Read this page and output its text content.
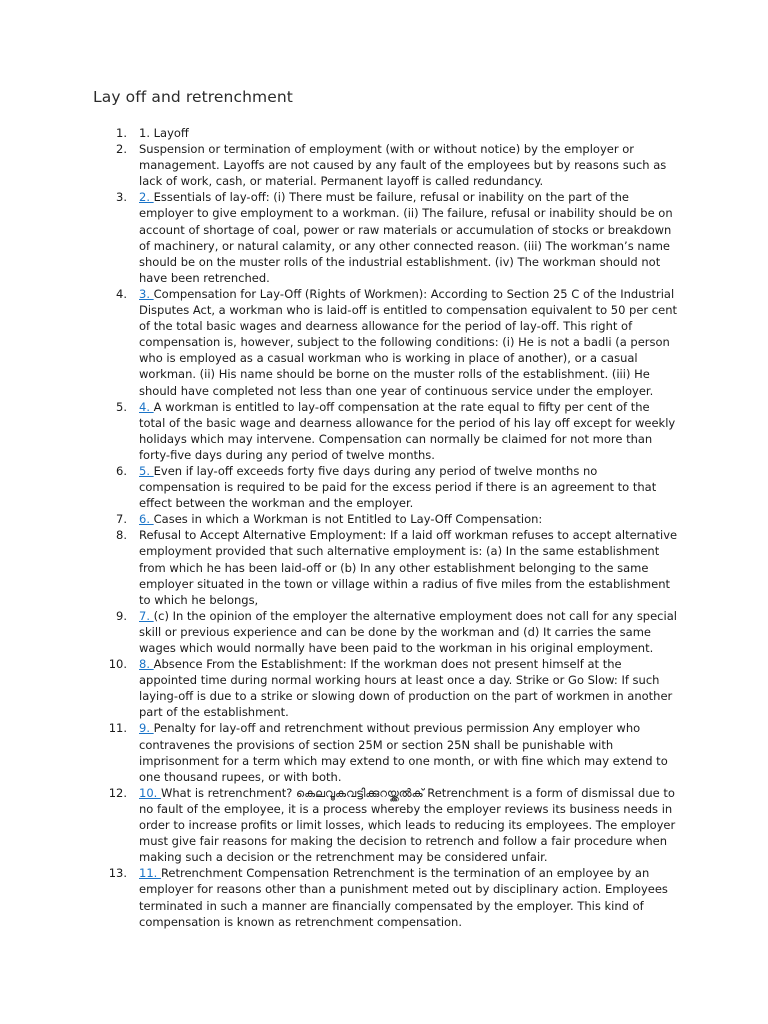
Lay off and retrenchment
1. 1. Layoff
2. Suspension or termination of employment (with or without notice) by the employer or management. Layoffs are not caused by any fault of the employees but by reasons such as lack of work, cash, or material. Permanent layoff is called redundancy.
3. 2. Essentials of lay-off: (i) There must be failure, refusal or inability on the part of the employer to give employment to a workman. (ii) The failure, refusal or inability should be on account of shortage of coal, power or raw materials or accumulation of stocks or breakdown of machinery, or natural calamity, or any other connected reason. (iii) The workman’s name should be on the muster rolls of the industrial establishment. (iv) The workman should not have been retrenched.
4. 3. Compensation for Lay-Off (Rights of Workmen): According to Section 25 C of the Industrial Disputes Act, a workman who is laid-off is entitled to compensation equivalent to 50 per cent of the total basic wages and dearness allowance for the period of lay-off. This right of compensation is, however, subject to the following conditions: (i) He is not a badli (a person who is employed as a casual workman who is working in place of another), or a casual workman. (ii) His name should be borne on the muster rolls of the establishment. (iii) He should have completed not less than one year of continuous service under the employer.
5. 4. A workman is entitled to lay-off compensation at the rate equal to fifty per cent of the total of the basic wage and dearness allowance for the period of his lay off except for weekly holidays which may intervene. Compensation can normally be claimed for not more than forty-five days during any period of twelve months.
6. 5. Even if lay-off exceeds forty five days during any period of twelve months no compensation is required to be paid for the excess period if there is an agreement to that effect between the workman and the employer.
7. 6. Cases in which a Workman is not Entitled to Lay-Off Compensation:
8. Refusal to Accept Alternative Employment: If a laid off workman refuses to accept alternative employment provided that such alternative employment is: (a) In the same establishment from which he has been laid-off or (b) In any other establishment belonging to the same employer situated in the town or village within a radius of five miles from the establishment to which he belongs,
9. 7. (c) In the opinion of the employer the alternative employment does not call for any special skill or previous experience and can be done by the workman and (d) It carries the same wages which would normally have been paid to the workman in his original employment.
10. 8. Absence From the Establishment: If the workman does not present himself at the appointed time during normal working hours at least once a day. Strike or Go Slow: If such laying-off is due to a strike or slowing down of production on the part of workmen in another part of the establishment.
11. 9. Penalty for lay-off and retrenchment without previous permission Any employer who contravenes the provisions of section 25M or section 25N shall be punishable with imprisonment for a term which may extend to one month, or with fine which may extend to one thousand rupees, or with both.
12. 10. What is retrenchment? കെലവൂകവട്ടിക്കുറയ്ക്കൽക് Retrenchment is a form of dismissal due to no fault of the employee, it is a process whereby the employer reviews its business needs in order to increase profits or limit losses, which leads to reducing its employees. The employer must give fair reasons for making the decision to retrench and follow a fair procedure when making such a decision or the retrenchment may be considered unfair.
13. 11. Retrenchment Compensation Retrenchment is the termination of an employee by an employer for reasons other than a punishment meted out by disciplinary action. Employees terminated in such a manner are financially compensated by the employer. This kind of compensation is known as retrenchment compensation.
